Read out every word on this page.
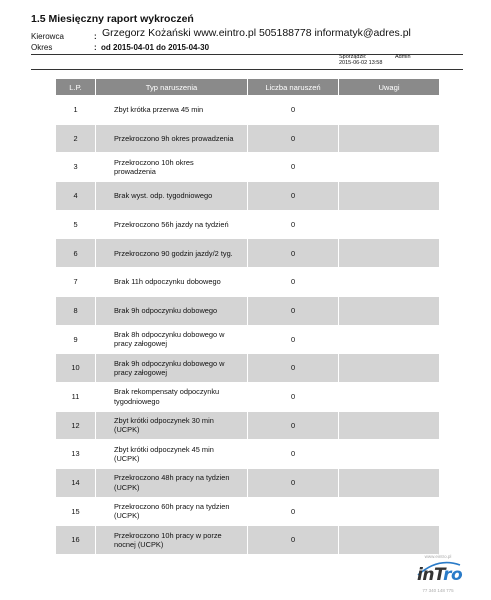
1.5 Miesięczny raport wykroczeń
Kierowca	: Grzegorz Kożański www.eintro.pl 505188778 informatyk@adres.pl
Okres	: od 2015-04-01 do 2015-04-30
Sporządził:	Admin
2015-06-02 13:58
L.P.	Typ naruszenia	Liczba naruszeń	Uwagi
1	Zbyt krótka przerwa 45 min	0	
2	Przekroczono 9h okres prowadzenia	0	
3	Przekroczono 10h okres
prowadzenia	0	
4	Brak wyst. odp. tygodniowego	0	
5	Przekroczono 56h jazdy na tydzień	0	
6	Przekroczono 90 godzin jazdy/2 tyg.	0	
7	Brak 11h odpoczynku dobowego	0	
8	Brak 9h odpoczynku dobowego	0	
9	Brak 8h odpoczynku dobowego w
pracy załogowej	0	
10	Brak 9h odpoczynku dobowego w
pracy załogowej	0	
11	Brak rekompensaty odpoczynku
tygodniowego	0	
12	Zbyt krótki odpoczynek 30 min
(UCPK)	0	
13	Zbyt krótki odpoczynek 45 min
(UCPK)	0	
14	Przekroczono 48h pracy na tydzien
(UCPK)	0	
15	Przekroczono 60h pracy na tydzien
(UCPK)	0	
16	Przekroczono 10h pracy w porze
nocnej (UCPK)	0	
www.eintro.pl
inTro
77 340 148 775
